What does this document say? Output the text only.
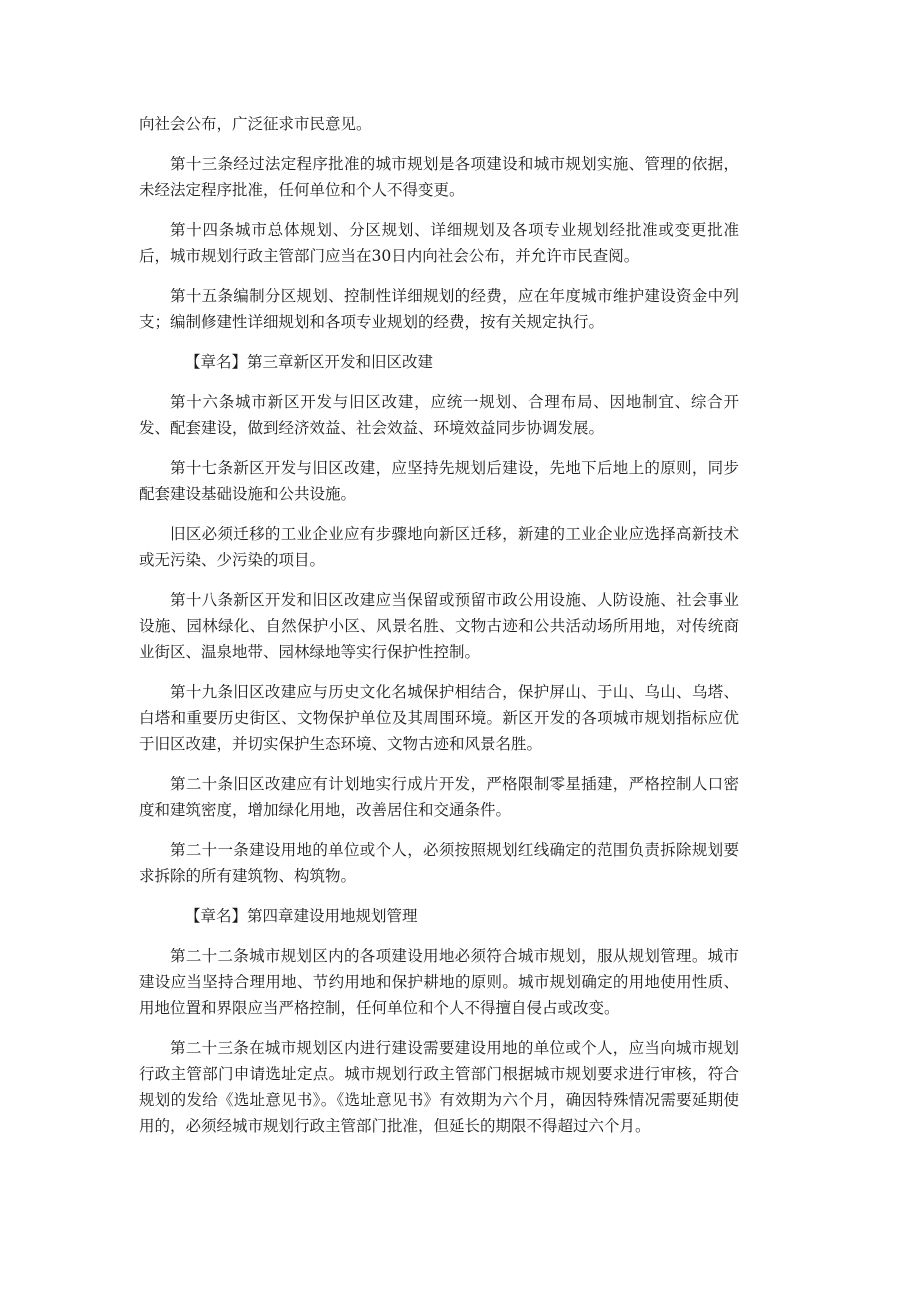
向社会公布，广泛征求市民意见。

第十三条经过法定程序批准的城市规划是各项建设和城市规划实施、管理的依据，未经法定程序批准，任何单位和个人不得变更。

第十四条城市总体规划、分区规划、详细规划及各项专业规划经批准或变更批准后，城市规划行政主管部门应当在30日内向社会公布，并允许市民查阅。

第十五条编制分区规划、控制性详细规划的经费，应在年度城市维护建设资金中列支；编制修建性详细规划和各项专业规划的经费，按有关规定执行。

【章名】第三章新区开发和旧区改建

第十六条城市新区开发与旧区改建，应统一规划、合理布局、因地制宜、综合开发、配套建设，做到经济效益、社会效益、环境效益同步协调发展。

第十七条新区开发与旧区改建，应坚持先规划后建设，先地下后地上的原则，同步配套建设基础设施和公共设施。

旧区必须迁移的工业企业应有步骤地向新区迁移，新建的工业企业应选择高新技术或无污染、少污染的项目。

第十八条新区开发和旧区改建应当保留或预留市政公用设施、人防设施、社会事业设施、园林绿化、自然保护小区、风景名胜、文物古迹和公共活动场所用地，对传统商业街区、温泉地带、园林绿地等实行保护性控制。

第十九条旧区改建应与历史文化名城保护相结合，保护屏山、于山、乌山、乌塔、白塔和重要历史街区、文物保护单位及其周围环境。新区开发的各项城市规划指标应优于旧区改建，并切实保护生态环境、文物古迹和风景名胜。

第二十条旧区改建应有计划地实行成片开发，严格限制零星插建，严格控制人口密度和建筑密度，增加绿化用地，改善居住和交通条件。

第二十一条建设用地的单位或个人，必须按照规划红线确定的范围负责拆除规划要求拆除的所有建筑物、构筑物。

【章名】第四章建设用地规划管理

第二十二条城市规划区内的各项建设用地必须符合城市规划，服从规划管理。城市建设应当坚持合理用地、节约用地和保护耕地的原则。城市规划确定的用地使用性质、用地位置和界限应当严格控制，任何单位和个人不得擅自侵占或改变。

第二十三条在城市规划区内进行建设需要建设用地的单位或个人，应当向城市规划行政主管部门申请选址定点。城市规划行政主管部门根据城市规划要求进行审核，符合规划的发给《选址意见书》。《选址意见书》有效期为六个月，确因特殊情况需要延期使用的，必须经城市规划行政主管部门批准，但延长的期限不得超过六个月。
